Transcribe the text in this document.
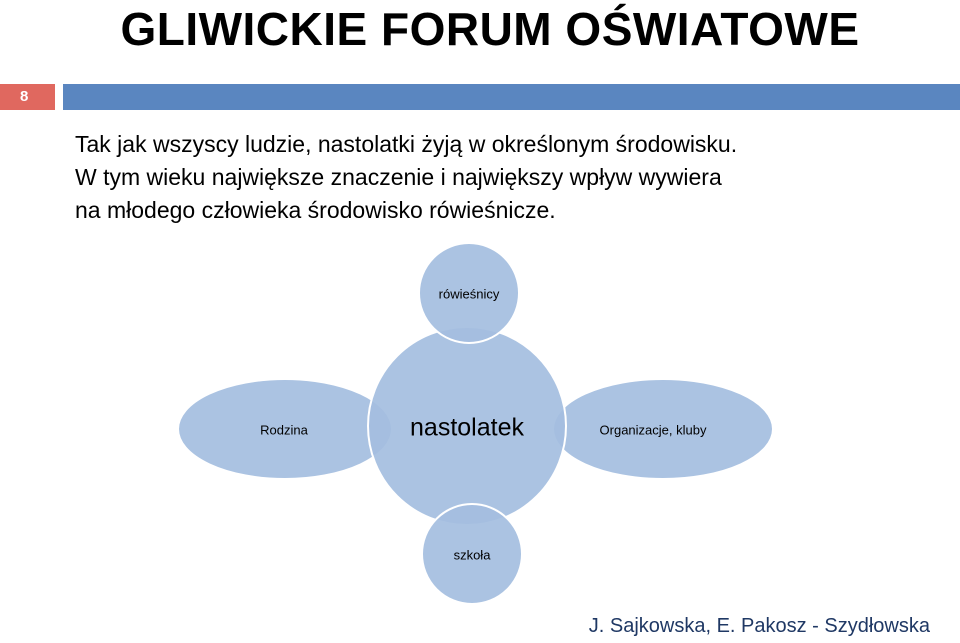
GLIWICKIE FORUM OŚWIATOWE
8
Tak jak wszyscy ludzie, nastolatki żyją w określonym środowisku.
W tym wieku największe znaczenie i największy wpływ wywiera
na młodego człowieka środowisko rówieśnicze.
rówieśnicy
Rodzina	nastolatek	Organizacje, kluby
szkoła
J. Sajkowska, E. Pakosz - Szydłowska
